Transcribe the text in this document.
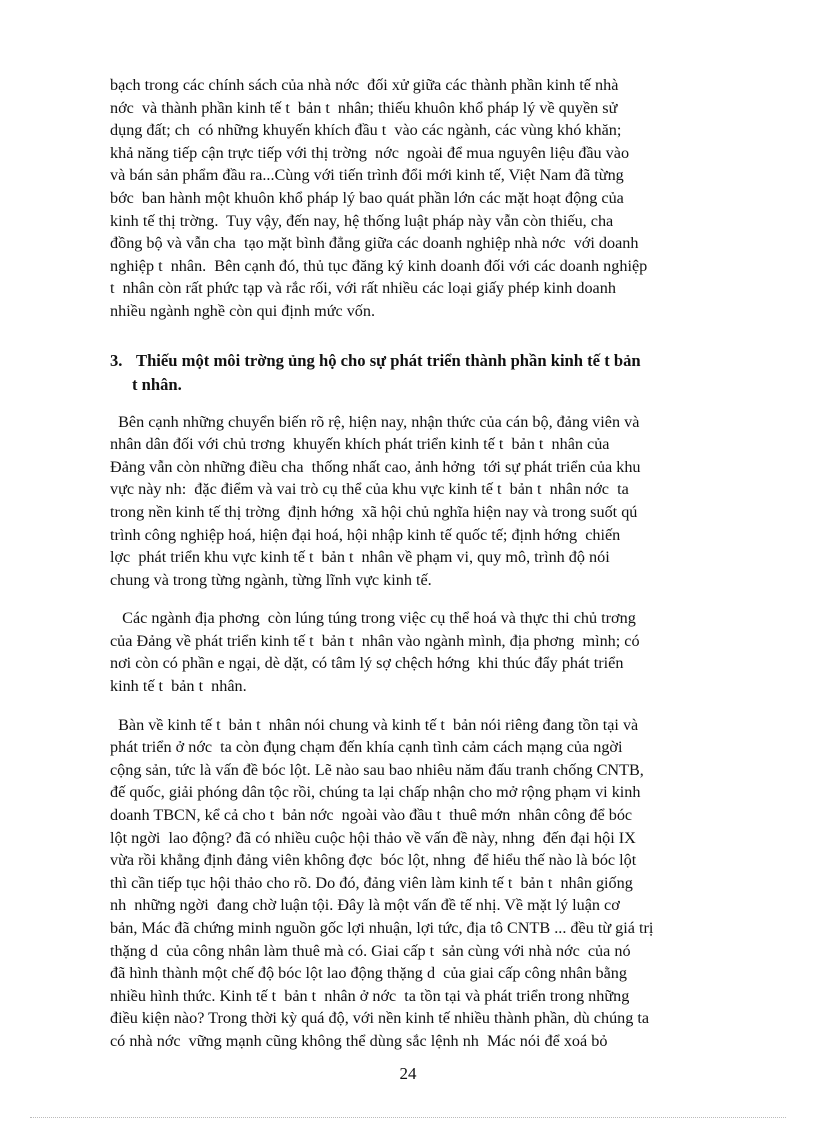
bạch trong các chính sách của nhà nớc  đối xử giữa các thành phần kinh tế nhà
nớc  và thành phần kinh tế t  bản t  nhân; thiếu khuôn khổ pháp lý về quyền sử
dụng đất; ch  có những khuyến khích đầu t  vào các ngành, các vùng khó khăn;
khả năng tiếp cận trực tiếp với thị trờng  nớc  ngoài để mua nguyên liệu đầu vào
và bán sản phẩm đầu ra...Cùng với tiến trình đổi mới kinh tế, Việt Nam đã từng
bớc  ban hành một khuôn khổ pháp lý bao quát phần lớn các mặt hoạt động của
kinh tế thị trờng.  Tuy vậy, đến nay, hệ thống luật pháp này vẫn còn thiếu, cha
đồng bộ và vẫn cha  tạo mặt bình đẳng giữa các doanh nghiệp nhà nớc  với doanh
nghiệp t  nhân.  Bên cạnh đó, thủ tục đăng ký kinh doanh đối với các doanh nghiệp
t  nhân còn rất phức tạp và rắc rối, với rất nhiều các loại giấy phép kinh doanh
nhiều ngành nghề còn qui định mức vốn.

3. Thiếu một môi trờng ủng hộ cho sự phát triển thành phần kinh tế t bản
t nhân.

Bên cạnh những chuyển biến rõ rệ, hiện nay, nhận thức của cán bộ, đảng viên và
nhân dân đối với chủ trơng  khuyến khích phát triển kinh tế t  bản t  nhân của
Đảng vẫn còn những điều cha  thống nhất cao, ảnh hởng  tới sự phát triển của khu
vực này nh:  đặc điểm và vai trò cụ thể của khu vực kinh tế t  bản t  nhân nớc  ta
trong nền kinh tế thị trờng  định hớng  xã hội chủ nghĩa hiện nay và trong suốt qú
trình công nghiệp hoá, hiện đại hoá, hội nhập kinh tế quốc tế; định hớng  chiến
lợc  phát triển khu vực kinh tế t  bản t  nhân về phạm vi, quy mô, trình độ nói
chung và trong từng ngành, từng lĩnh vực kinh tế.

Các ngành địa phơng  còn lúng túng trong việc cụ thể hoá và thực thi chủ trơng
của Đảng về phát triển kinh tế t  bản t  nhân vào ngành mình, địa phơng  mình; có
nơi còn có phần e ngại, dè dặt, có tâm lý sợ chệch hớng  khi thúc đẩy phát triển
kinh tế t  bản t  nhân.

Bàn về kinh tế t  bản t  nhân nói chung và kinh tế t  bản nói riêng đang tồn tại và
phát triển ở nớc  ta còn đụng chạm đến khía cạnh tình cảm cách mạng của ngời
cộng sản, tức là vấn đề bóc lột. Lẽ nào sau bao nhiêu năm đấu tranh chống CNTB,
đế quốc, giải phóng dân tộc rồi, chúng ta lại chấp nhận cho mở rộng phạm vi kinh
doanh TBCN, kể cả cho t  bản nớc  ngoài vào đầu t  thuê mớn  nhân công để bóc
lột ngời  lao động? đã có nhiều cuộc hội thảo về vấn đề này, nhng  đến đại hội IX
vừa rồi khẳng định đảng viên không đợc  bóc lột, nhng  để hiểu thế nào là bóc lột
thì cần tiếp tục hội thảo cho rõ. Do đó, đảng viên làm kinh tế t  bản t  nhân giống
nh  những ngời  đang chờ luận tội. Đây là một vấn đề tế nhị. Về mặt lý luận cơ
bản, Mác đã chứng minh nguồn gốc lợi nhuận, lợi tức, địa tô CNTB ... đều từ giá trị
thặng d  của công nhân làm thuê mà có. Giai cấp t  sản cùng với nhà nớc  của nó
đã hình thành một chế độ bóc lột lao động thặng d  của giai cấp công nhân bằng
nhiều hình thức. Kinh tế t  bản t  nhân ở nớc  ta tồn tại và phát triển trong những
điều kiện nào? Trong thời kỳ quá độ, với nền kinh tế nhiều thành phần, dù chúng ta
có nhà nớc  vững mạnh cũng không thể dùng sắc lệnh nh  Mác nói để xoá bỏ

24
